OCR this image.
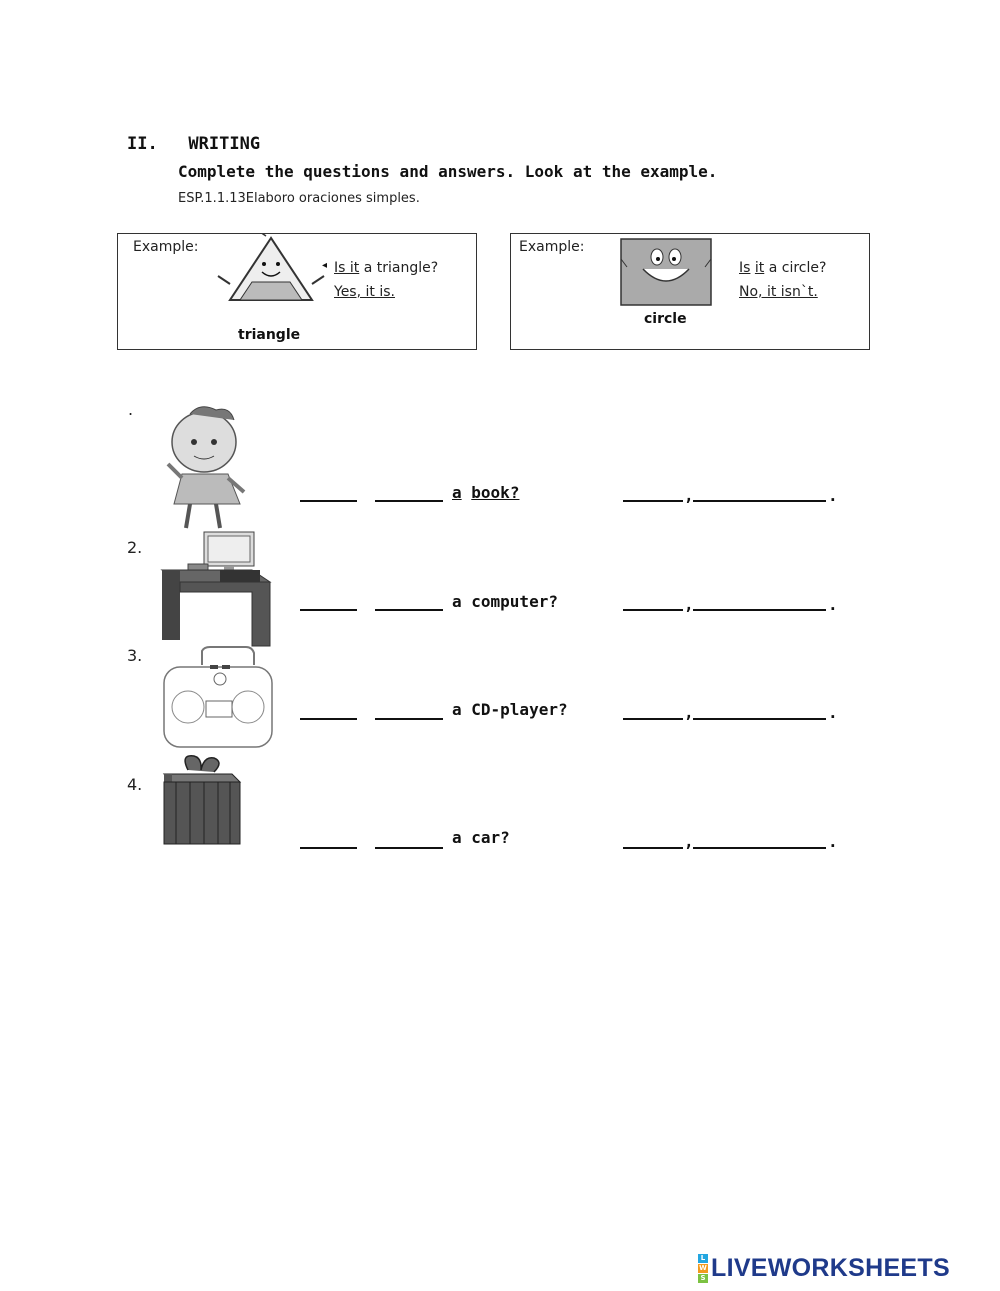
II.   WRITING
Complete the questions and answers. Look at the example.
ESP.1.1.13Elaboro oraciones simples.
Example:
◂ Is it a triangle?
Yes, it is.
triangle
Example:
Is it a circle?
No, it isn`t.
circle
.
a book?	,	.
2.
a computer?	,	.
3.
a CD-player?	,	.
4.
a car?	,	.
L
W
S LIVEWORKSHEETS
